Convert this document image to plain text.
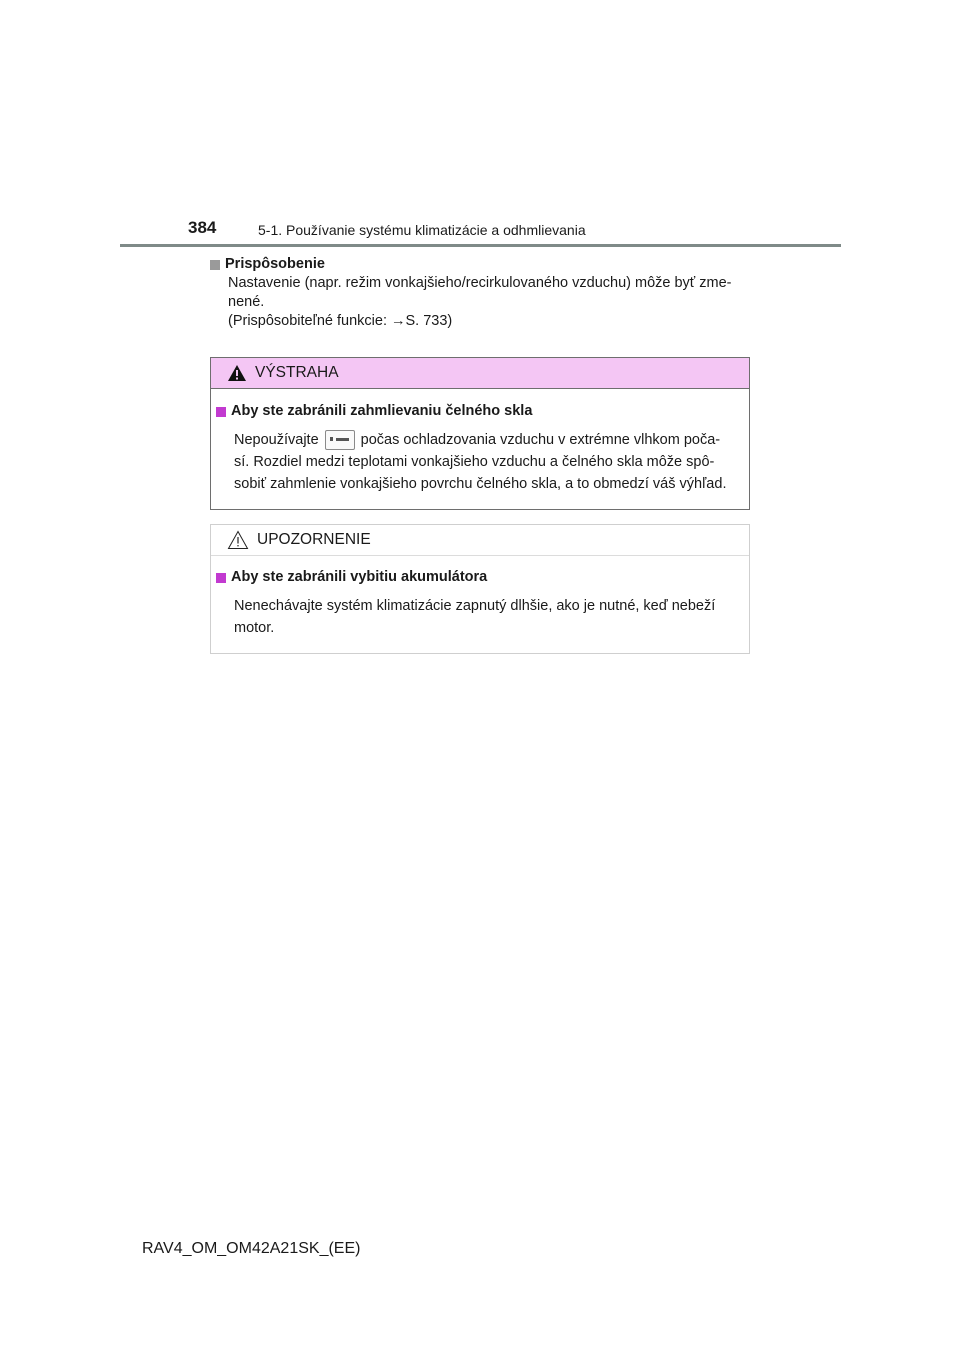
384	5-1. Používanie systému klimatizácie a odhmlievania
Prispôsobenie

Nastavenie (napr. režim vonkajšieho/recirkulovaného vzduchu) môže byť zme-

nené.

(Prispôsobiteľné funkcie: →S. 733)

VÝSTRAHA
Aby ste zabránili zahmlievaniu čelného skla

Nepoužívajte	počas ochladzovania vzduchu v extrémne vlhkom poča-

sí. Rozdiel medzi teplotami vonkajšieho vzduchu a čelného skla môže spô-

sobiť zahmlenie vonkajšieho povrchu čelného skla, a to obmedzí váš výhľad.

UPOZORNENIE
Aby ste zabránili vybitiu akumulátora

Nenechávajte systém klimatizácie zapnutý dlhšie, ako je nutné, keď nebeží

motor.

RAV4_OM_OM42A21SK_(EE)
